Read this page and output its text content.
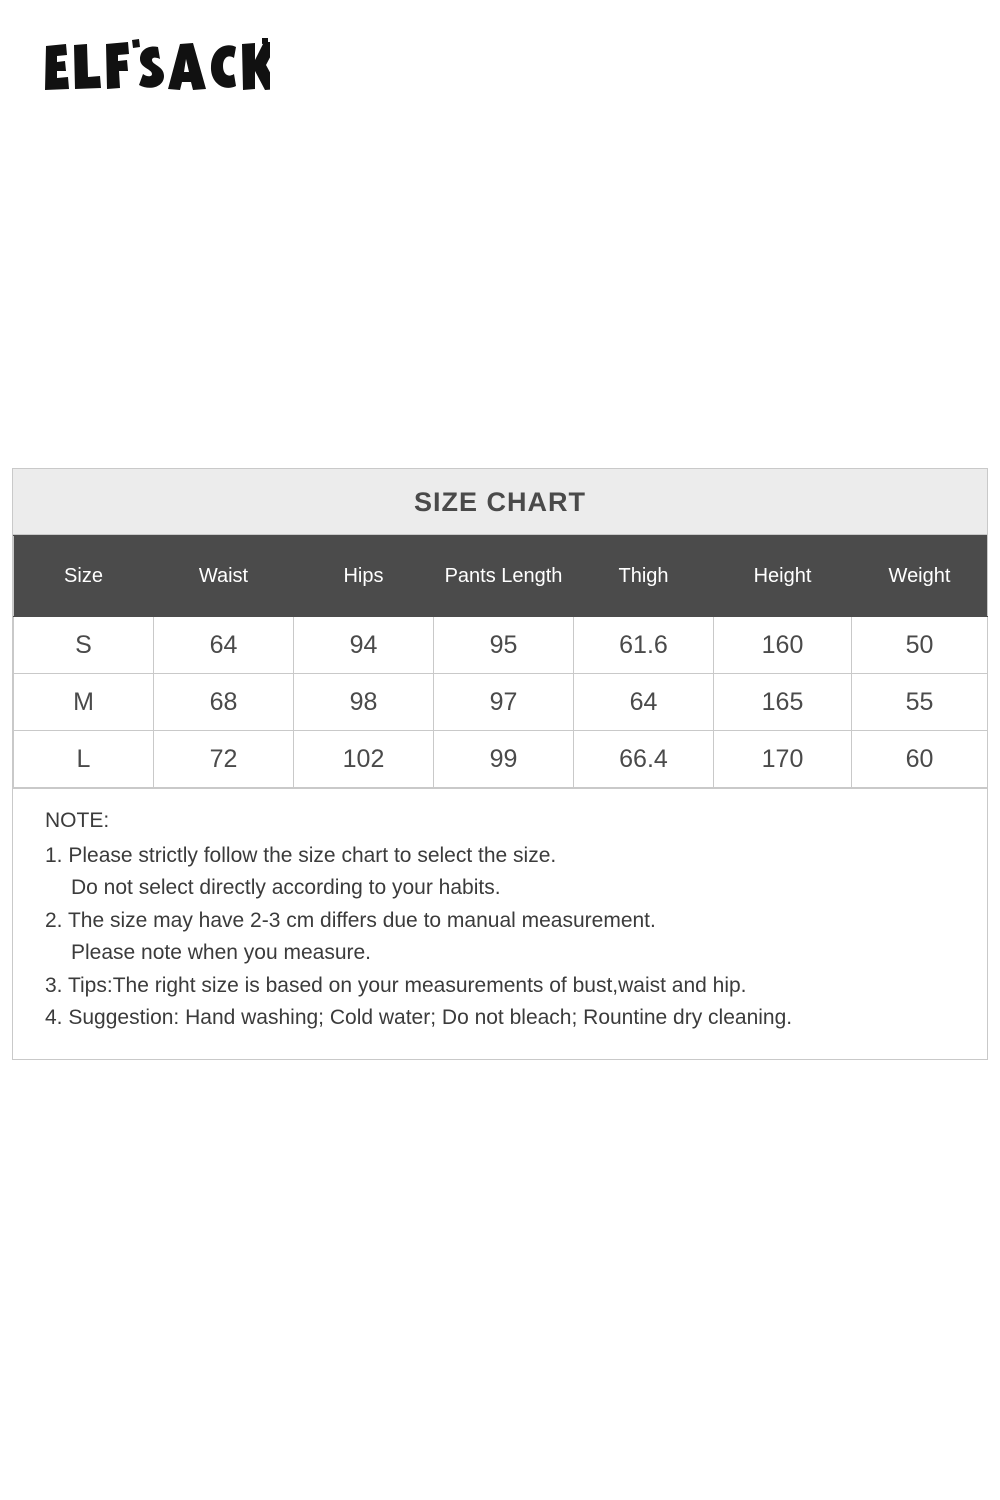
SIZE CHART
Size	Waist	Hips	Pants Length	Thigh	Height	Weight
S	64	94	95	61.6	160	50
M	68	98	97	64	165	55
L	72	102	99	66.4	170	60
NOTE:
1. Please strictly follow the size chart to select the size.
Do not select directly according to your habits.
2. The size may have 2-3 cm differs due to manual measurement.
Please note when you measure.
3. Tips:The right size is based on your measurements of bust,waist and hip.
4. Suggestion: Hand washing; Cold water; Do not bleach; Rountine dry cleaning.
